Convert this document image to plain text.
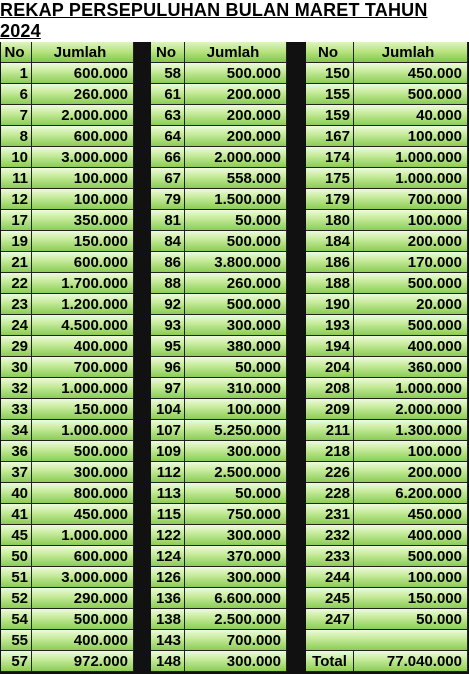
REKAP PERSEPULUHAN BULAN MARET TAHUN 2024
No	Jumlah
1	600.000
6	260.000
7	2.000.000
8	600.000
10	3.000.000
11	100.000
12	100.000
17	350.000
19	150.000
21	600.000
22	1.700.000
23	1.200.000
24	4.500.000
29	400.000
30	700.000
32	1.000.000
33	150.000
34	1.000.000
36	500.000
37	300.000
40	800.000
41	450.000
45	1.000.000
50	600.000
51	3.000.000
52	290.000
54	500.000
55	400.000
57	972.000
No	Jumlah
58	500.000
61	200.000
63	200.000
64	200.000
66	2.000.000
67	558.000
79	1.500.000
81	50.000
84	500.000
86	3.800.000
88	260.000
92	500.000
93	300.000
95	380.000
96	50.000
97	310.000
104	100.000
107	5.250.000
109	300.000
112	2.500.000
113	50.000
115	750.000
122	300.000
124	370.000
126	300.000
136	6.600.000
138	2.500.000
143	700.000
148	300.000
No	Jumlah
150	450.000
155	500.000
159	40.000
167	100.000
174	1.000.000
175	1.000.000
179	700.000
180	100.000
184	200.000
186	170.000
188	500.000
190	20.000
193	500.000
194	400.000
204	360.000
208	1.000.000
209	2.000.000
211	1.300.000
218	100.000
226	200.000
228	6.200.000
231	450.000
232	400.000
233	500.000
244	100.000
245	150.000
247	50.000
Total	77.040.000
